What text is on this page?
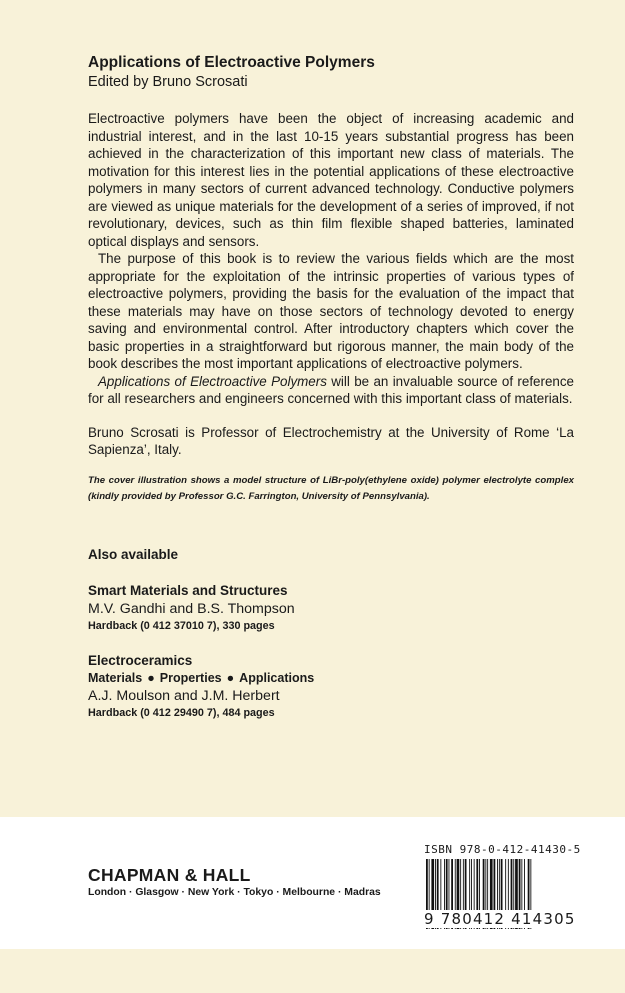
Applications of Electroactive Polymers

Edited by Bruno Scrosati

Electroactive polymers have been the object of increasing academic and industrial interest, and in the last 10-15 years substantial progress has been achieved in the characterization of this important new class of materials. The motivation for this interest lies in the potential applications of these electroactive polymers in many sectors of current advanced technology. Conductive polymers are viewed as unique materials for the development of a series of improved, if not revolutionary, devices, such as thin film flexible shaped batteries, laminated optical displays and sensors.

The purpose of this book is to review the various fields which are the most appropriate for the exploitation of the intrinsic properties of various types of electroactive polymers, providing the basis for the evaluation of the impact that these materials may have on those sectors of technology devoted to energy saving and environmental control. After introductory chapters which cover the basic properties in a straightforward but rigorous manner, the main body of the book describes the most important applications of electroactive polymers.

Applications of Electroactive Polymers will be an invaluable source of reference for all researchers and engineers concerned with this important class of materials.

Bruno Scrosati is Professor of Electrochemistry at the University of Rome ‘La Sapienza’, Italy.

The cover illustration shows a model structure of LiBr-poly(ethylene oxide) polymer electrolyte complex (kindly provided by Professor G.C. Farrington, University of Pennsylvania).

Also available

Smart Materials and Structures
M.V. Gandhi and B.S. Thompson
Hardback (0 412 37010 7), 330 pages
Electroceramics
Materials ● Properties ● Applications
A.J. Moulson and J.M. Herbert
Hardback (0 412 29490 7), 484 pages
CHAPMAN & HALL
London · Glasgow · New York · Tokyo · Melbourne · Madras
ISBN 978-0-412-41430-5
9 780412 414305
